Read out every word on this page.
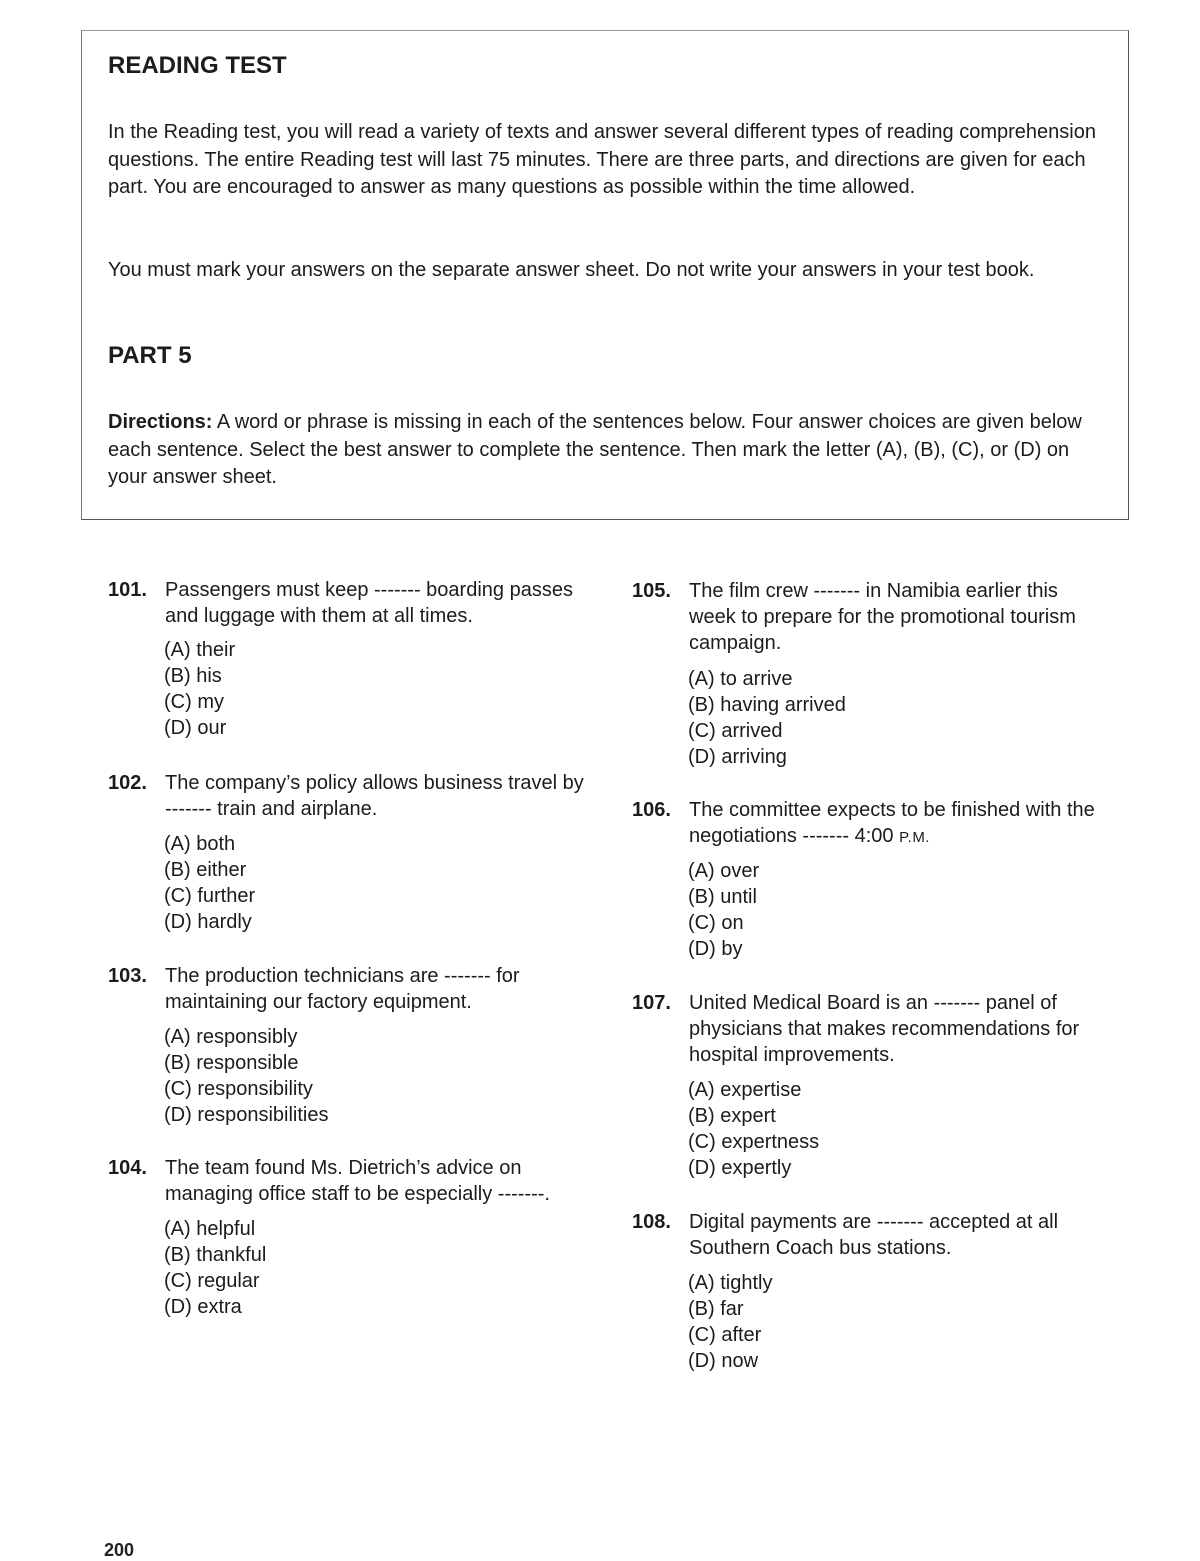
READING TEST

In the Reading test, you will read a variety of texts and answer several different types of reading comprehension questions. The entire Reading test will last 75 minutes. There are three parts, and directions are given for each part. You are encouraged to answer as many questions as possible within the time allowed.

You must mark your answers on the separate answer sheet. Do not write your answers in your test book.

PART 5

Directions: A word or phrase is missing in each of the sentences below. Four answer choices are given below each sentence. Select the best answer to complete the sentence. Then mark the letter (A), (B), (C), or (D) on your answer sheet.

101. Passengers must keep ------- boarding passes and luggage with them at all times.

(A) their
(B) his
(C) my
(D) our
102. The company’s policy allows business travel by ------- train and airplane.

(A) both
(B) either
(C) further
(D) hardly
103. The production technicians are ------- for maintaining our factory equipment.

(A) responsibly
(B) responsible
(C) responsibility
(D) responsibilities
104. The team found Ms. Dietrich’s advice on managing office staff to be especially -------.

(A) helpful
(B) thankful
(C) regular
(D) extra
105. The film crew ------- in Namibia earlier this week to prepare for the promotional tourism campaign.

(A) to arrive
(B) having arrived
(C) arrived
(D) arriving
106. The committee expects to be finished with the negotiations ------- 4:00 P.M.

(A) over
(B) until
(C) on
(D) by
107. United Medical Board is an ------- panel of physicians that makes recommendations for hospital improvements.

(A) expertise
(B) expert
(C) expertness
(D) expertly
108. Digital payments are ------- accepted at all Southern Coach bus stations.

(A) tightly
(B) far
(C) after
(D) now
200
